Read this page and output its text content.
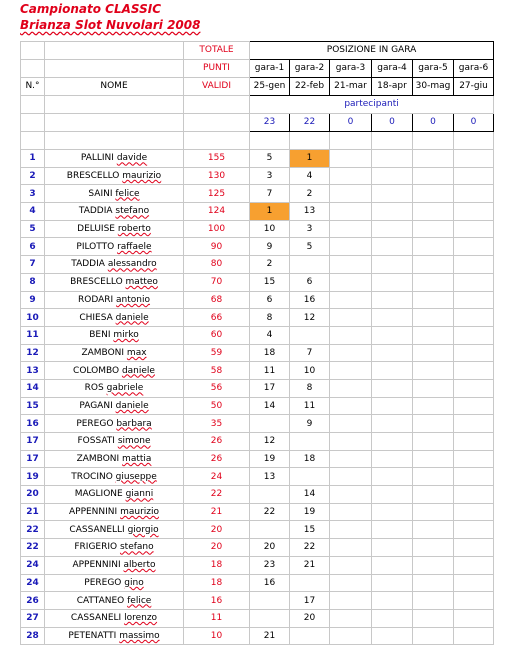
Campionato CLASSIC
Brianza Slot Nuvolari 2008
		TOTALE	POSIZIONE IN GARA					
		PUNTI	gara-1	gara-2	gara-3	gara-4	gara-5	gara-6
N.°	NOME	VALIDI	25-gen	22-feb	21-mar	18-apr	30-mag	27-giu
			partecipanti					
			23	22	0	0	0	0

1	PALLINI davide	155	5	1				
2	BRESCELLO maurizio	130	3	4				
3	SAINI felice	125	7	2				
4	TADDIA stefano	124	1	13				
5	DELUISE roberto	100	10	3				
6	PILOTTO raffaele	90	9	5				
7	TADDIA alessandro	80	2					
8	BRESCELLO matteo	70	15	6				
9	RODARI antonio	68	6	16				
10	CHIESA daniele	66	8	12				
11	BENI mirko	60	4					
12	ZAMBONI max	59	18	7				
13	COLOMBO daniele	58	11	10				
14	ROS gabriele	56	17	8				
15	PAGANI daniele	50	14	11				
16	PEREGO barbara	35		9				
17	FOSSATI simone	26	12					
17	ZAMBONI mattia	26	19	18				
19	TROCINO giuseppe	24	13					
20	MAGLIONE gianni	22		14				
21	APPENNINI maurizio	21	22	19				
22	CASSANELLI giorgio	20		15				
22	FRIGERIO stefano	20	20	22				
24	APPENNINI alberto	18	23	21				
24	PEREGO gino	18	16					
26	CATTANEO felice	16		17				
27	CASSANELI lorenzo	11		20				
28	PETENATTI massimo	10	21					
